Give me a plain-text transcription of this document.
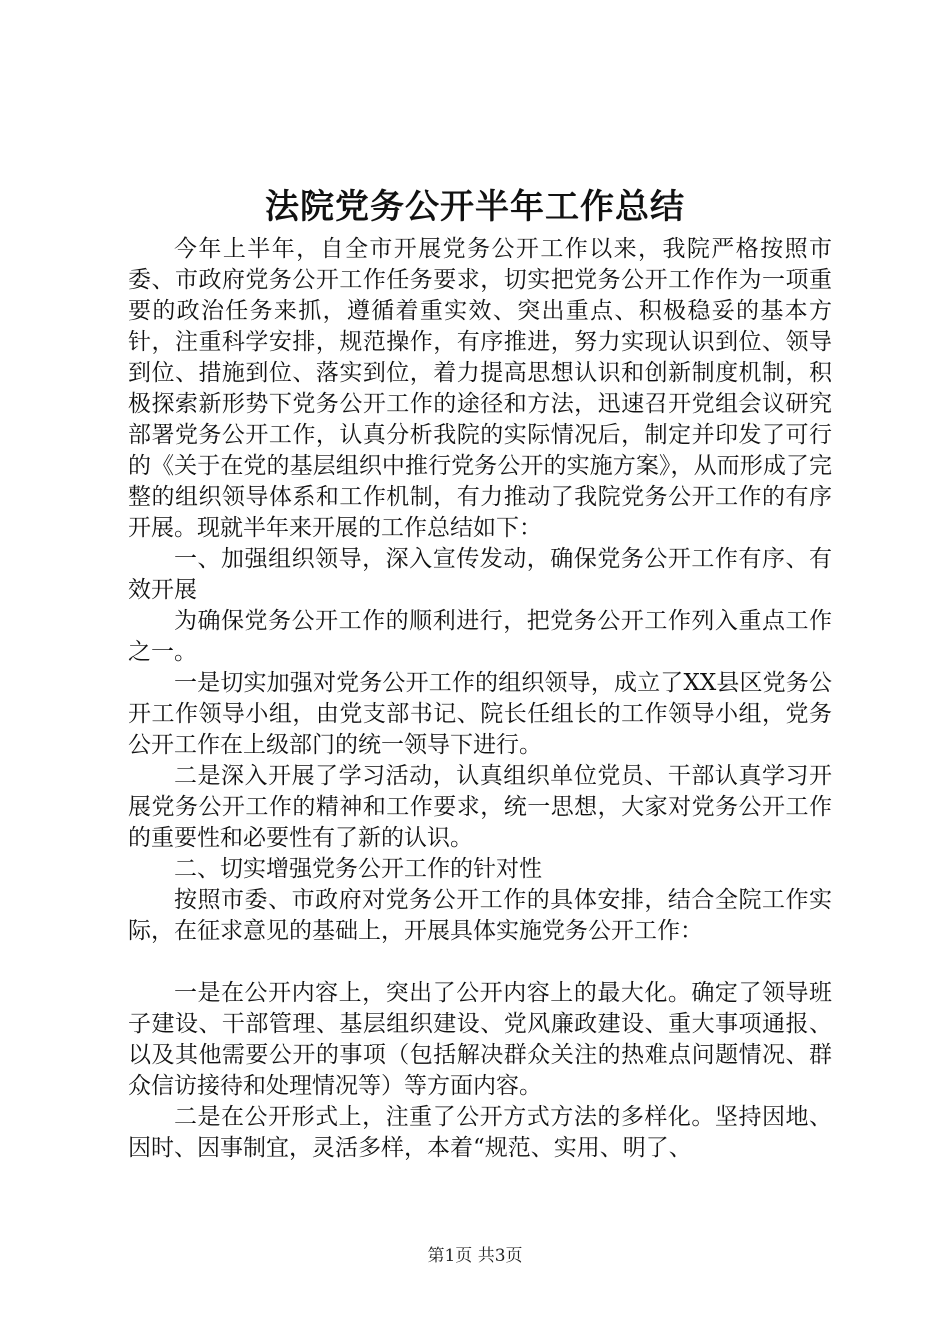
法院党务公开半年工作总结

今年上半年，自全市开展党务公开工作以来，我院严格按照市委、市政府党务公开工作任务要求，切实把党务公开工作作为一项重要的政治任务来抓，遵循着重实效、突出重点、积极稳妥的基本方针，注重科学安排，规范操作，有序推进，努力实现认识到位、领导到位、措施到位、落实到位，着力提高思想认识和创新制度机制，积极探索新形势下党务公开工作的途径和方法，迅速召开党组会议研究部署党务公开工作，认真分析我院的实际情况后，制定并印发了可行的《关于在党的基层组织中推行党务公开的实施方案》，从而形成了完整的组织领导体系和工作机制，有力推动了我院党务公开工作的有序开展。现就半年来开展的工作总结如下：

一、加强组织领导，深入宣传发动，确保党务公开工作有序、有效开展

为确保党务公开工作的顺利进行，把党务公开工作列入重点工作之一。

一是切实加强对党务公开工作的组织领导，成立了XX县区党务公开工作领导小组，由党支部书记、院长任组长的工作领导小组，党务公开工作在上级部门的统一领导下进行。

二是深入开展了学习活动，认真组织单位党员、干部认真学习开展党务公开工作的精神和工作要求，统一思想，大家对党务公开工作的重要性和必要性有了新的认识。

二、切实增强党务公开工作的针对性

按照市委、市政府对党务公开工作的具体安排，结合全院工作实际，在征求意见的基础上，开展具体实施党务公开工作：

一是在公开内容上，突出了公开内容上的最大化。确定了领导班子建设、干部管理、基层组织建设、党风廉政建设、重大事项通报、以及其他需要公开的事项（包括解决群众关注的热难点问题情况、群众信访接待和处理情况等）等方面内容。

二是在公开形式上，注重了公开方式方法的多样化。坚持因地、因时、因事制宜，灵活多样，本着“规范、实用、明了、

第1页 共3页
